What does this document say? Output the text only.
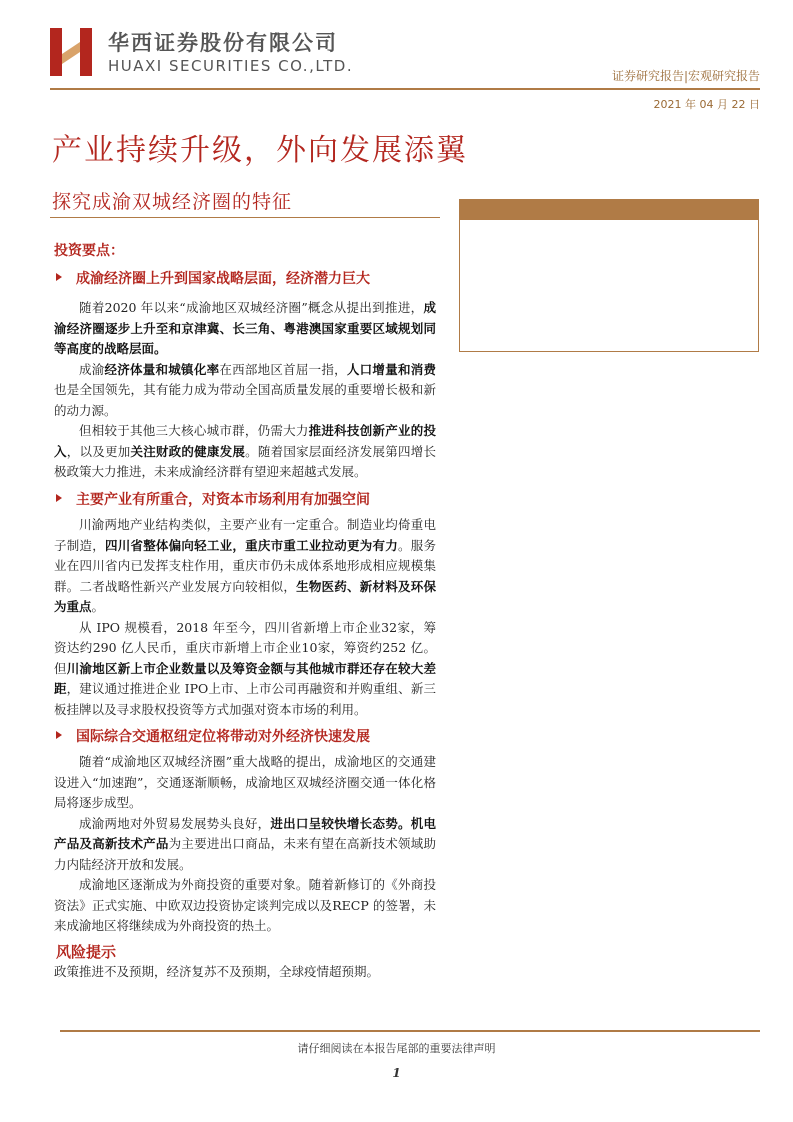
华西证券股份有限公司
HUAXI SECURITIES CO.,LTD.
证券研究报告|宏观研究报告
2021 年 04 月 22 日
产业持续升级，外向发展添翼
探究成渝双城经济圈的特征
投资要点：
成渝经济圈上升到国家战略层面，经济潜力巨大

随着2020 年以来“成渝地区双城经济圈”概念从提出到推进，成渝经济圈逐步上升至和京津冀、长三角、粤港澳国家重要区域规划同等高度的战略层面。

成渝经济体量和城镇化率在西部地区首屈一指，人口增量和消费也是全国领先，其有能力成为带动全国高质量发展的重要增长极和新的动力源。

但相较于其他三大核心城市群，仍需大力推进科技创新产业的投入，以及更加关注财政的健康发展。随着国家层面经济发展第四增长极政策大力推进，未来成渝经济群有望迎来超越式发展。

主要产业有所重合，对资本市场利用有加强空间

川渝两地产业结构类似，主要产业有一定重合。制造业均倚重电子制造，四川省整体偏向轻工业，重庆市重工业拉动更为有力。服务业在四川省内已发挥支柱作用，重庆市仍未成体系地形成相应规模集群。二者战略性新兴产业发展方向较相似，生物医药、新材料及环保为重点。

从 IPO 规模看，2018 年至今，四川省新增上市企业32家，筹资达约290 亿人民币，重庆市新增上市企业10家，筹资约252 亿。但川渝地区新上市企业数量以及筹资金额与其他城市群还存在较大差距，建议通过推进企业 IPO上市、上市公司再融资和并购重组、新三板挂牌以及寻求股权投资等方式加强对资本市场的利用。

国际综合交通枢纽定位将带动对外经济快速发展

随着“成渝地区双城经济圈”重大战略的提出，成渝地区的交通建设进入“加速跑”，交通逐渐顺畅，成渝地区双城经济圈交通一体化格局将逐步成型。

成渝两地对外贸易发展势头良好，进出口呈较快增长态势。机电产品及高新技术产品为主要进出口商品，未来有望在高新技术领域助力内陆经济开放和发展。

成渝地区逐渐成为外商投资的重要对象。随着新修订的《外商投资法》正式实施、中欧双边投资协定谈判完成以及RECP 的签署，未来成渝地区将继续成为外商投资的热土。

风险提示
政策推进不及预期，经济复苏不及预期，全球疫情超预期。
请仔细阅读在本报告尾部的重要法律声明
1
